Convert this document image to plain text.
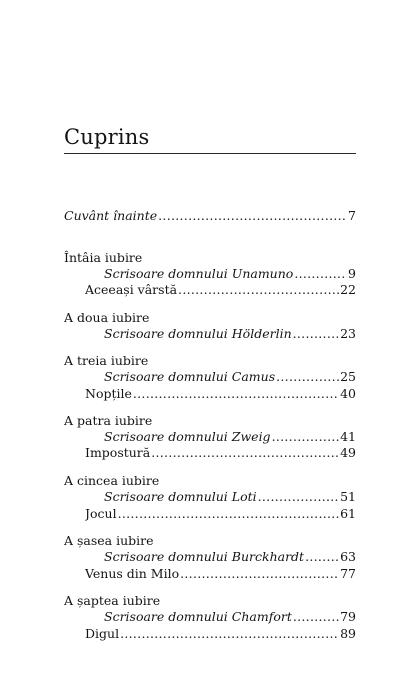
Cuprins
Cuvânt înainte .....	7
Întâia iubire
Scrisoare domnului Unamuno .....	9
Aceeași vârstă .....	22
A doua iubire
Scrisoare domnului Hölderlin .....	23
A treia iubire
Scrisoare domnului Camus .....	25
Nopțile .....	40
A patra iubire
Scrisoare domnului Zweig .....	41
Impostură .....	49
A cincea iubire
Scrisoare domnului Loti .....	51
Jocul .....	61
A șasea iubire
Scrisoare domnului Burckhardt .....	63
Venus din Milo .....	77
A șaptea iubire
Scrisoare domnului Chamfort .....	79
Digul .....	89
